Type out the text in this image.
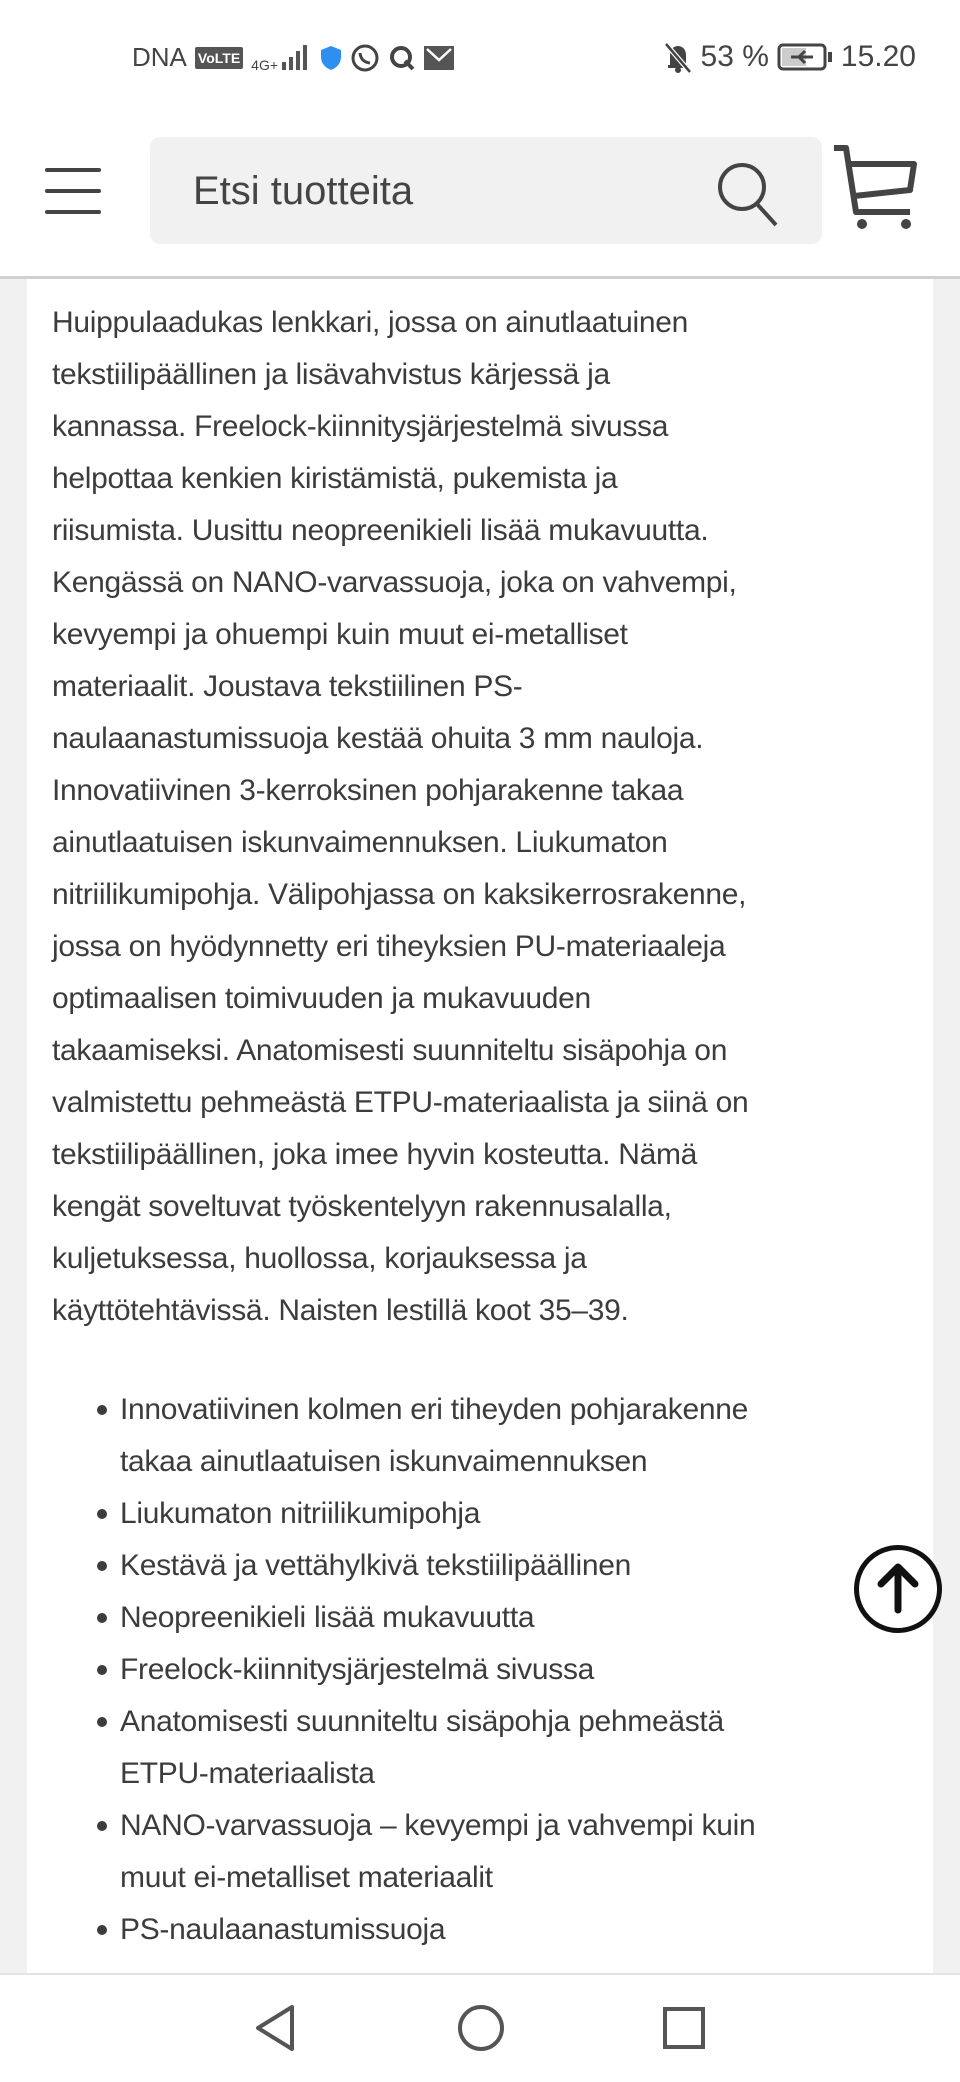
DNA VoLTE 4G+	53 % 15.20
Etsi tuotteita
Huippulaadukas lenkkari, jossa on ainutlaatuinen
tekstiilipäällinen ja lisävahvistus kärjessä ja
kannassa. Freelock-kiinnitysjärjestelmä sivussa
helpottaa kenkien kiristämistä, pukemista ja
riisumista. Uusittu neopreenikieli lisää mukavuutta.
Kengässä on NANO-varvassuoja, joka on vahvempi,
kevyempi ja ohuempi kuin muut ei-metalliset
materiaalit. Joustava tekstiilinen PS-
naulaanastumissuoja kestää ohuita 3 mm nauloja.
Innovatiivinen 3-kerroksinen pohjarakenne takaa
ainutlaatuisen iskunvaimennuksen. Liukumaton
nitriilikumipohja. Välipohjassa on kaksikerrosrakenne,
jossa on hyödynnetty eri tiheyksien PU-materiaaleja
optimaalisen toimivuuden ja mukavuuden
takaamiseksi. Anatomisesti suunniteltu sisäpohja on
valmistettu pehmeästä ETPU-materiaalista ja siinä on
tekstiilipäällinen, joka imee hyvin kosteutta. Nämä
kengät soveltuvat työskentelyyn rakennusalalla,
kuljetuksessa, huollossa, korjauksessa ja
käyttötehtävissä. Naisten lestillä koot 35–39.
Innovatiivinen kolmen eri tiheyden pohjarakenne
takaa ainutlaatuisen iskunvaimennuksen
Liukumaton nitriilikumipohja
Kestävä ja vettähylkivä tekstiilipäällinen
Neopreenikieli lisää mukavuutta
Freelock-kiinnitysjärjestelmä sivussa
Anatomisesti suunniteltu sisäpohja pehmeästä
ETPU-materiaalista
NANO-varvassuoja – kevyempi ja vahvempi kuin
muut ei-metalliset materiaalit
PS-naulaanastumissuoja
